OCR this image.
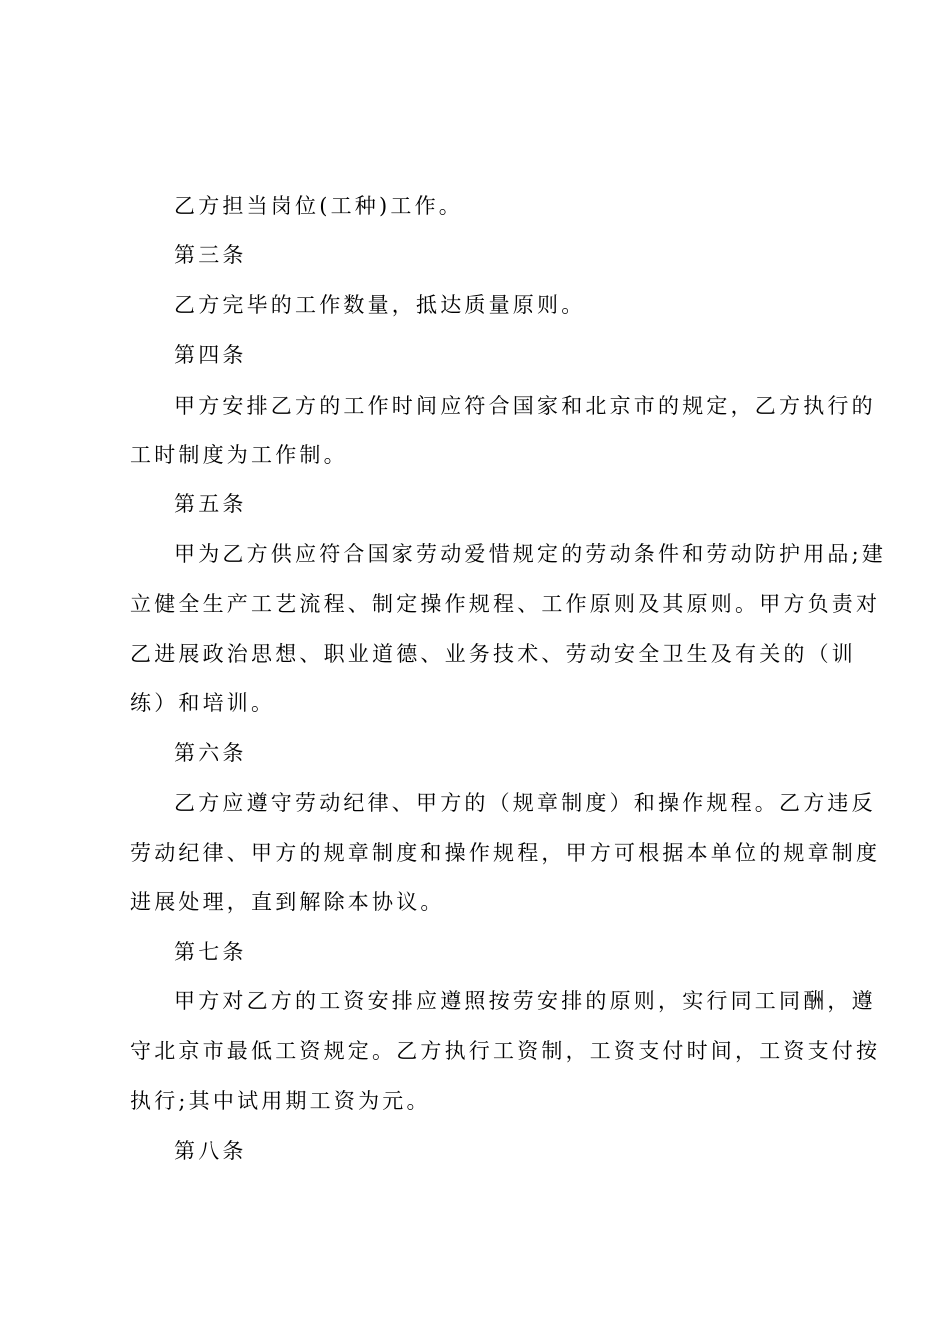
乙方担当岗位(工种)工作。
第三条
乙方完毕的工作数量，抵达质量原则。
第四条
甲方安排乙方的工作时间应符合国家和北京市的规定，乙方执行的
工时制度为工作制。
第五条
甲为乙方供应符合国家劳动爱惜规定的劳动条件和劳动防护用品;建
立健全生产工艺流程、制定操作规程、工作原则及其原则。甲方负责对
乙进展政治思想、职业道德、业务技术、劳动安全卫生及有关的（训
练）和培训。
第六条
乙方应遵守劳动纪律、甲方的（规章制度）和操作规程。乙方违反
劳动纪律、甲方的规章制度和操作规程，甲方可根据本单位的规章制度
进展处理，直到解除本协议。
第七条
甲方对乙方的工资安排应遵照按劳安排的原则，实行同工同酬，遵
守北京市最低工资规定。乙方执行工资制，工资支付时间，工资支付按
执行;其中试用期工资为元。
第八条
